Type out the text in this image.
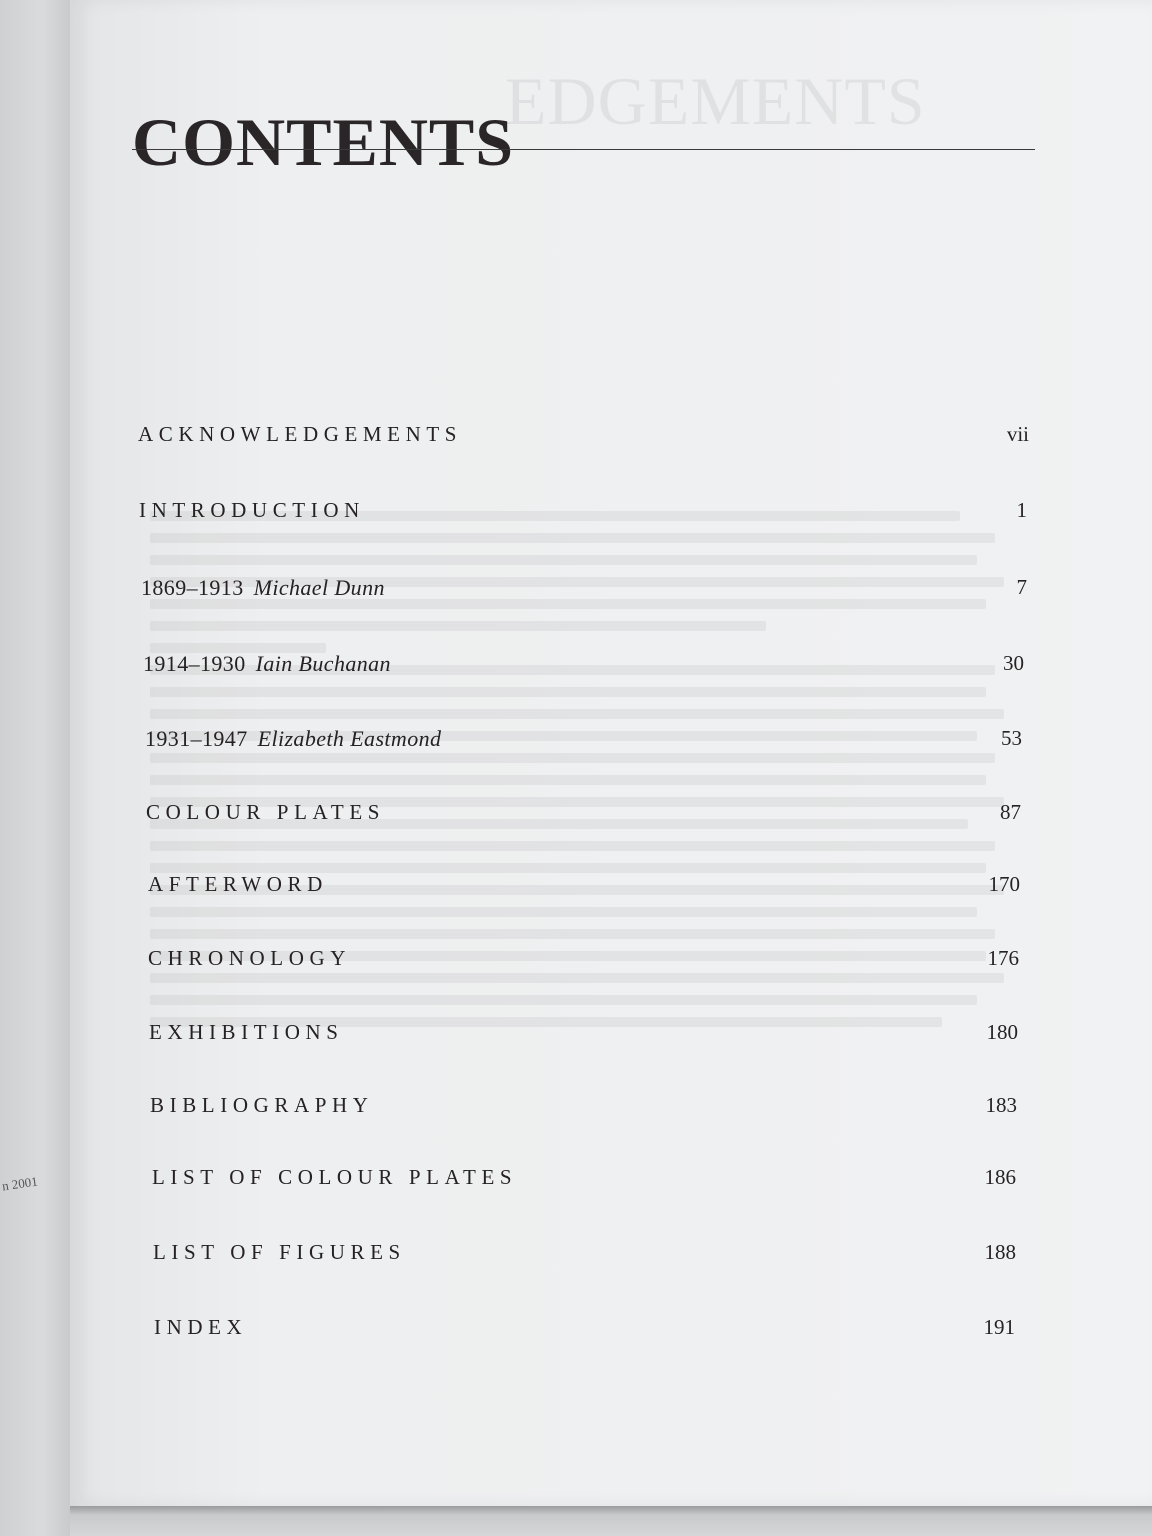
n 2001
EDGEMENTS
CONTENTS
ACKNOWLEDGEMENTS	vii
INTRODUCTION	1
1869–1913 Michael Dunn	7
1914–1930 Iain Buchanan	30
1931–1947 Elizabeth Eastmond	53
COLOUR PLATES	87
AFTERWORD	170
CHRONOLOGY	176
EXHIBITIONS	180
BIBLIOGRAPHY	183
LIST OF COLOUR PLATES	186
LIST OF FIGURES	188
INDEX	191
